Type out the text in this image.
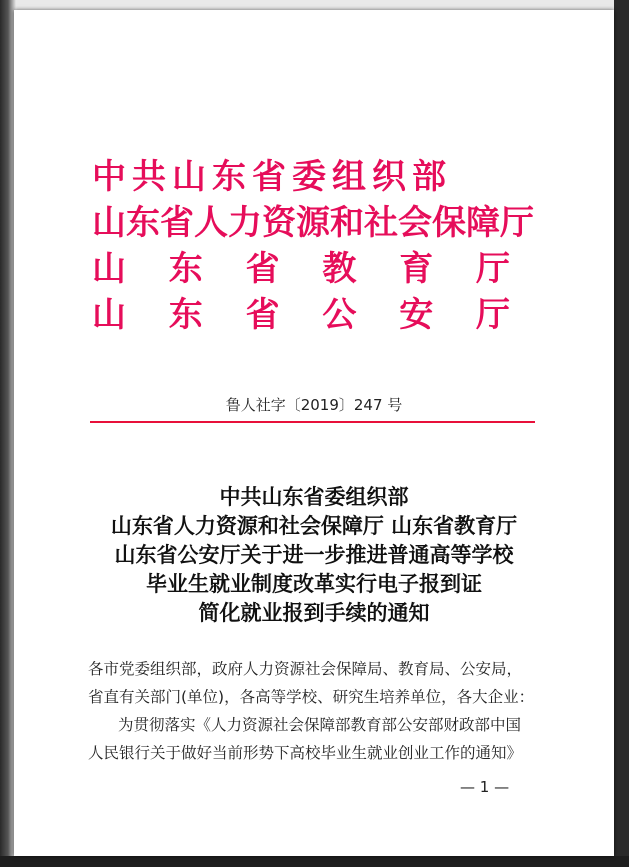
中共山东省委组织部
山东省人力资源和社会保障厅
山 东 省 教 育 厅
山 东 省 公 安 厅
鲁人社字〔2019〕247 号
中共山东省委组织部
山东省人力资源和社会保障厅 山东省教育厅
山东省公安厅关于进一步推进普通高等学校
毕业生就业制度改革实行电子报到证
简化就业报到手续的通知
各市党委组织部，政府人力资源社会保障局、教育局、公安局，
省直有关部门(单位)，各高等学校、研究生培养单位，各大企业：
为贯彻落实《人力资源社会保障部教育部公安部财政部中国
人民银行关于做好当前形势下高校毕业生就业创业工作的通知》
— 1 —
